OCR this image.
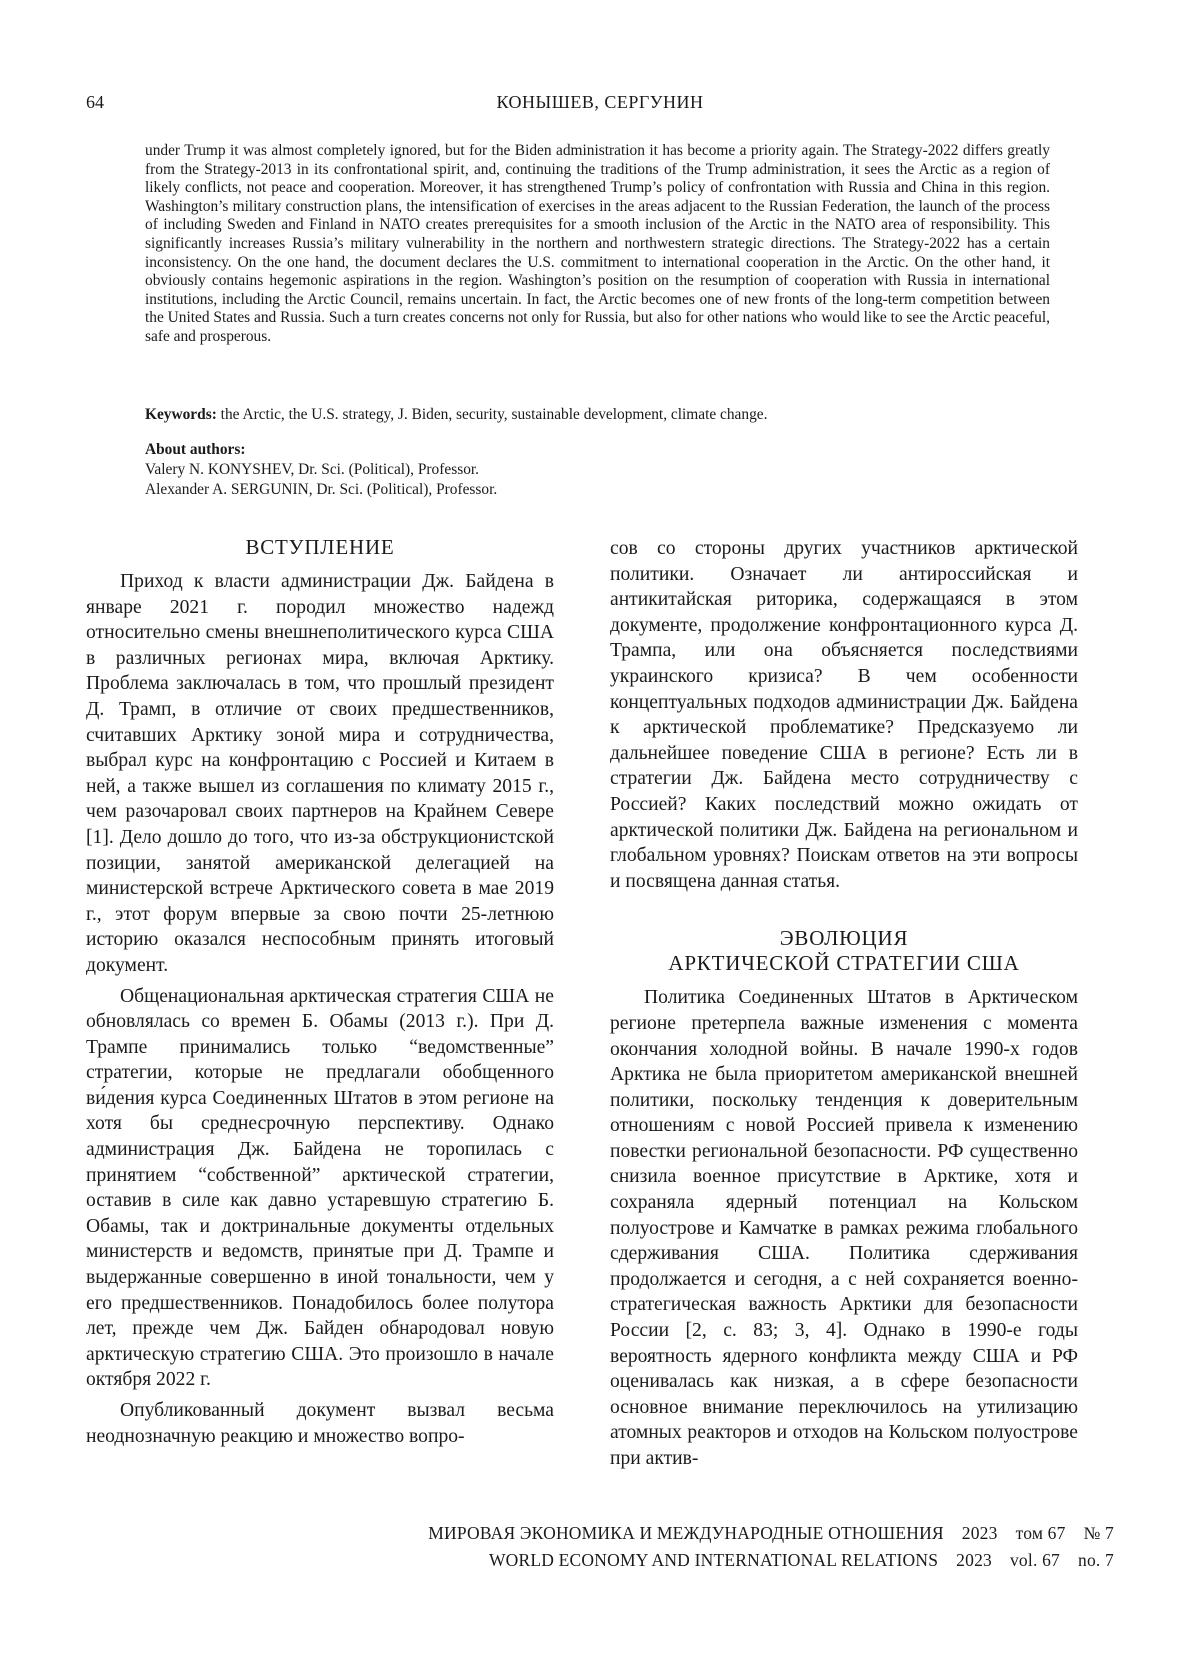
64	КОНЫШЕВ, СЕРГУНИН

under Trump it was almost completely ignored, but for the Biden administration it has become a priority again. The Strategy-2022 differs greatly from the Strategy-2013 in its confrontational spirit, and, continuing the traditions of the Trump administration, it sees the Arctic as a region of likely conflicts, not peace and cooperation. Moreover, it has strengthened Trump’s policy of confrontation with Russia and China in this region. Washington’s military construction plans, the intensification of exercises in the areas adjacent to the Russian Federation, the launch of the process of including Sweden and Finland in NATO creates prerequisites for a smooth inclusion of the Arctic in the NATO area of responsibility. This significantly increases Russia’s military vulnerability in the northern and northwestern strategic directions. The Strategy-2022 has a certain inconsistency. On the one hand, the document declares the U.S. commitment to international cooperation in the Arctic. On the other hand, it obviously contains hegemonic aspirations in the region. Washington’s position on the resumption of cooperation with Russia in international institutions, including the Arctic Council, remains uncertain. In fact, the Arctic becomes one of new fronts of the long-term competition between the United States and Russia. Such a turn creates concerns not only for Russia, but also for other nations who would like to see the Arctic peaceful, safe and prosperous.

Keywords: the Arctic, the U.S. strategy, J. Biden, security, sustainable development, climate change.
About authors:
Valery N. KONYSHEV, Dr. Sci. (Political), Professor.
Alexander A. SERGUNIN, Dr. Sci. (Political), Professor.
ВСТУПЛЕНИЕ

Приход к власти администрации Дж. Байдена в январе 2021 г. породил множество надежд относительно смены внешнеполитического курса США в различных регионах мира, включая Арктику. Проблема заключалась в том, что прошлый президент Д. Трамп, в отличие от своих предшественников, считавших Арктику зоной мира и сотрудничества, выбрал курс на конфронтацию с Россией и Китаем в ней, а также вышел из соглашения по климату 2015 г., чем разочаровал своих партнеров на Крайнем Севере [1]. Дело дошло до того, что из-за обструкционистской позиции, занятой американской делегацией на министерской встрече Арктического совета в мае 2019 г., этот форум впервые за свою почти 25-летнюю историю оказался неспособным принять итоговый документ.

Общенациональная арктическая стратегия США не обновлялась со времен Б. Обамы (2013 г.). При Д. Трампе принимались только “ведомственные” стратегии, которые не предлагали обобщенного ви́дения курса Соединенных Штатов в этом регионе на хотя бы среднесрочную перспективу. Однако администрация Дж. Байдена не торопилась с принятием “собственной” арктической стратегии, оставив в силе как давно устаревшую стратегию Б. Обамы, так и доктринальные документы отдельных министерств и ведомств, принятые при Д. Трампе и выдержанные совершенно в иной тональности, чем у его предшественников. Понадобилось более полутора лет, прежде чем Дж. Байден обнародовал новую арктическую стратегию США. Это произошло в начале октября 2022 г.

Опубликованный документ вызвал весьма неоднозначную реакцию и множество вопро-

сов со стороны других участников арктической политики. Означает ли антироссийская и антикитайская риторика, содержащаяся в этом документе, продолжение конфронтационного курса Д. Трампа, или она объясняется последствиями украинского кризиса? В чем особенности концептуальных подходов администрации Дж. Байдена к арктической проблематике? Предсказуемо ли дальнейшее поведение США в регионе? Есть ли в стратегии Дж. Байдена место сотрудничеству с Россией? Каких последствий можно ожидать от арктической политики Дж. Байдена на региональном и глобальном уровнях? Поискам ответов на эти вопросы и посвящена данная статья.

ЭВОЛЮЦИЯ
АРКТИЧЕСКОЙ СТРАТЕГИИ США

Политика Соединенных Штатов в Арктическом регионе претерпела важные изменения с момента окончания холодной войны. В начале 1990-х годов Арктика не была приоритетом американской внешней политики, поскольку тенденция к доверительным отношениям с новой Россией привела к изменению повестки региональной безопасности. РФ существенно снизила военное присутствие в Арктике, хотя и сохраняла ядерный потенциал на Кольском полуострове и Камчатке в рамках режима глобального сдерживания США. Политика сдерживания продолжается и сегодня, а с ней сохраняется военно-стратегическая важность Арктики для безопасности России [2, с. 83; 3, 4]. Однако в 1990-е годы вероятность ядерного конфликта между США и РФ оценивалась как низкая, а в сфере безопасности основное внимание переключилось на утилизацию атомных реакторов и отходов на Кольском полуострове при актив-

МИРОВАЯ ЭКОНОМИКА И МЕЖДУНАРОДНЫЕ ОТНОШЕНИЯ 2023 том 67 № 7
WORLD ECONOMY AND INTERNATIONAL RELATIONS 2023 vol. 67 no. 7
